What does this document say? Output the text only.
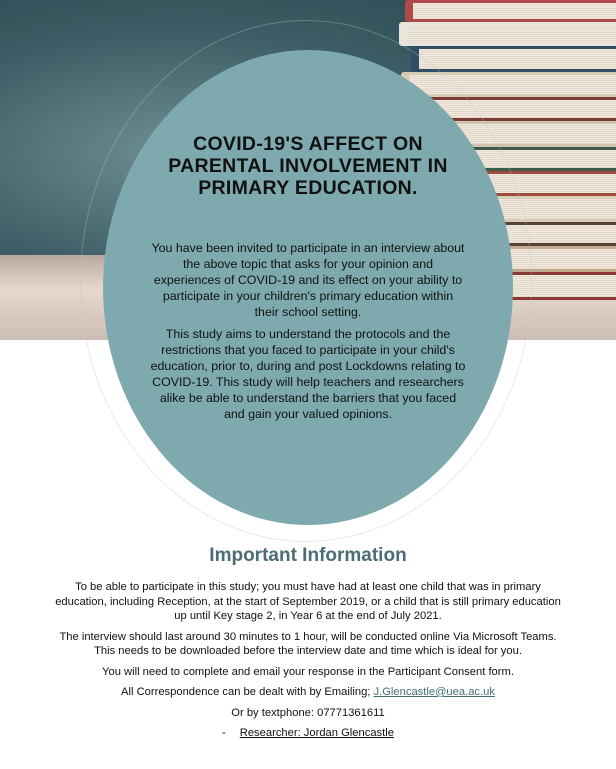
COVID-19'S AFFECT ON PARENTAL INVOLVEMENT IN PRIMARY EDUCATION.

You have been invited to participate in an interview about the above topic that asks for your opinion and experiences of COVID-19 and its effect on your ability to participate in your children's primary education within their school setting.

This study aims to understand the protocols and the restrictions that you faced to participate in your child's education, prior to, during and post Lockdowns relating to COVID-19. This study will help teachers and researchers alike be able to understand the barriers that you faced and gain your valued opinions.

Important Information

To be able to participate in this study; you must have had at least one child that was in primary education, including Reception, at the start of September 2019, or a child that is still primary education up until Key stage 2, in Year 6 at the end of July 2021.

The interview should last around 30 minutes to 1 hour, will be conducted online Via Microsoft Teams. This needs to be downloaded before the interview date and time which is ideal for you.

You will need to complete and email your response in the Participant Consent form.

All Correspondence can be dealt with by Emailing; J.Glencastle@uea.ac.uk

Or by textphone: 07771361611

- Researcher: Jordan Glencastle
